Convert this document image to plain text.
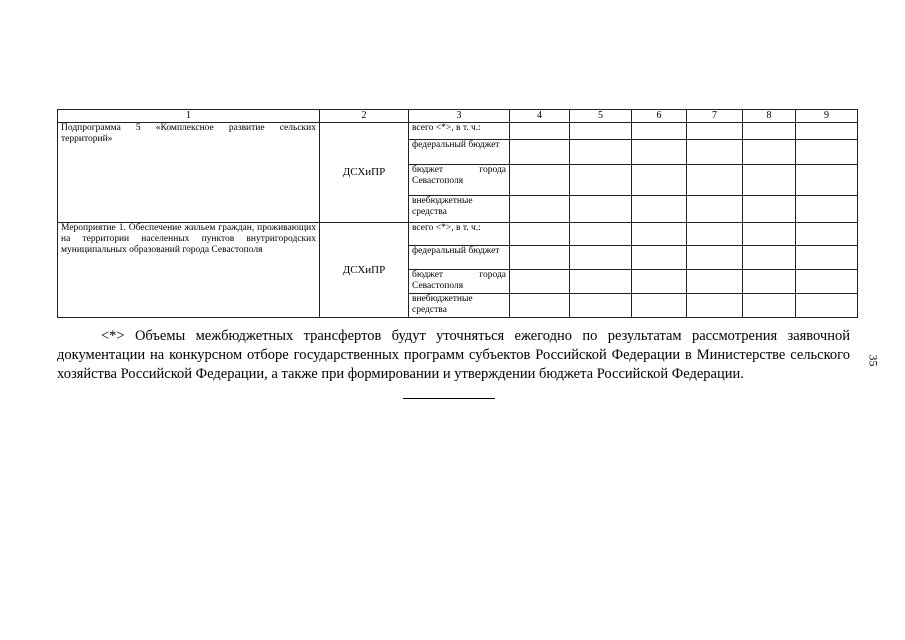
1	2	3	4	5	6	7	8	9
Подпрограмма 5 «Комплексное развитие сельских территорий»	ДСХиПР	всего <*>, в т. ч.:						
		федеральный бюджет						
		бюджет города Севастополя						
		внебюджетные средства						
Мероприятие 1. Обеспечение жильем граждан, проживающих на территории населенных пунктов внутригородских муниципальных образований города Севастополя	ДСХиПР	всего <*>, в т. ч.:						
		федеральный бюджет						
		бюджет города Севастополя						
		внебюджетные средства						
<*> Объемы межбюджетных трансфертов будут уточняться ежегодно по результатам рассмотрения заявочной документации на конкурсном отборе государственных программ субъектов Российской Федерации в Министерстве сельского хозяйства Российской Федерации, а также при формировании и утверждении бюджета Российской Федерации.
35
